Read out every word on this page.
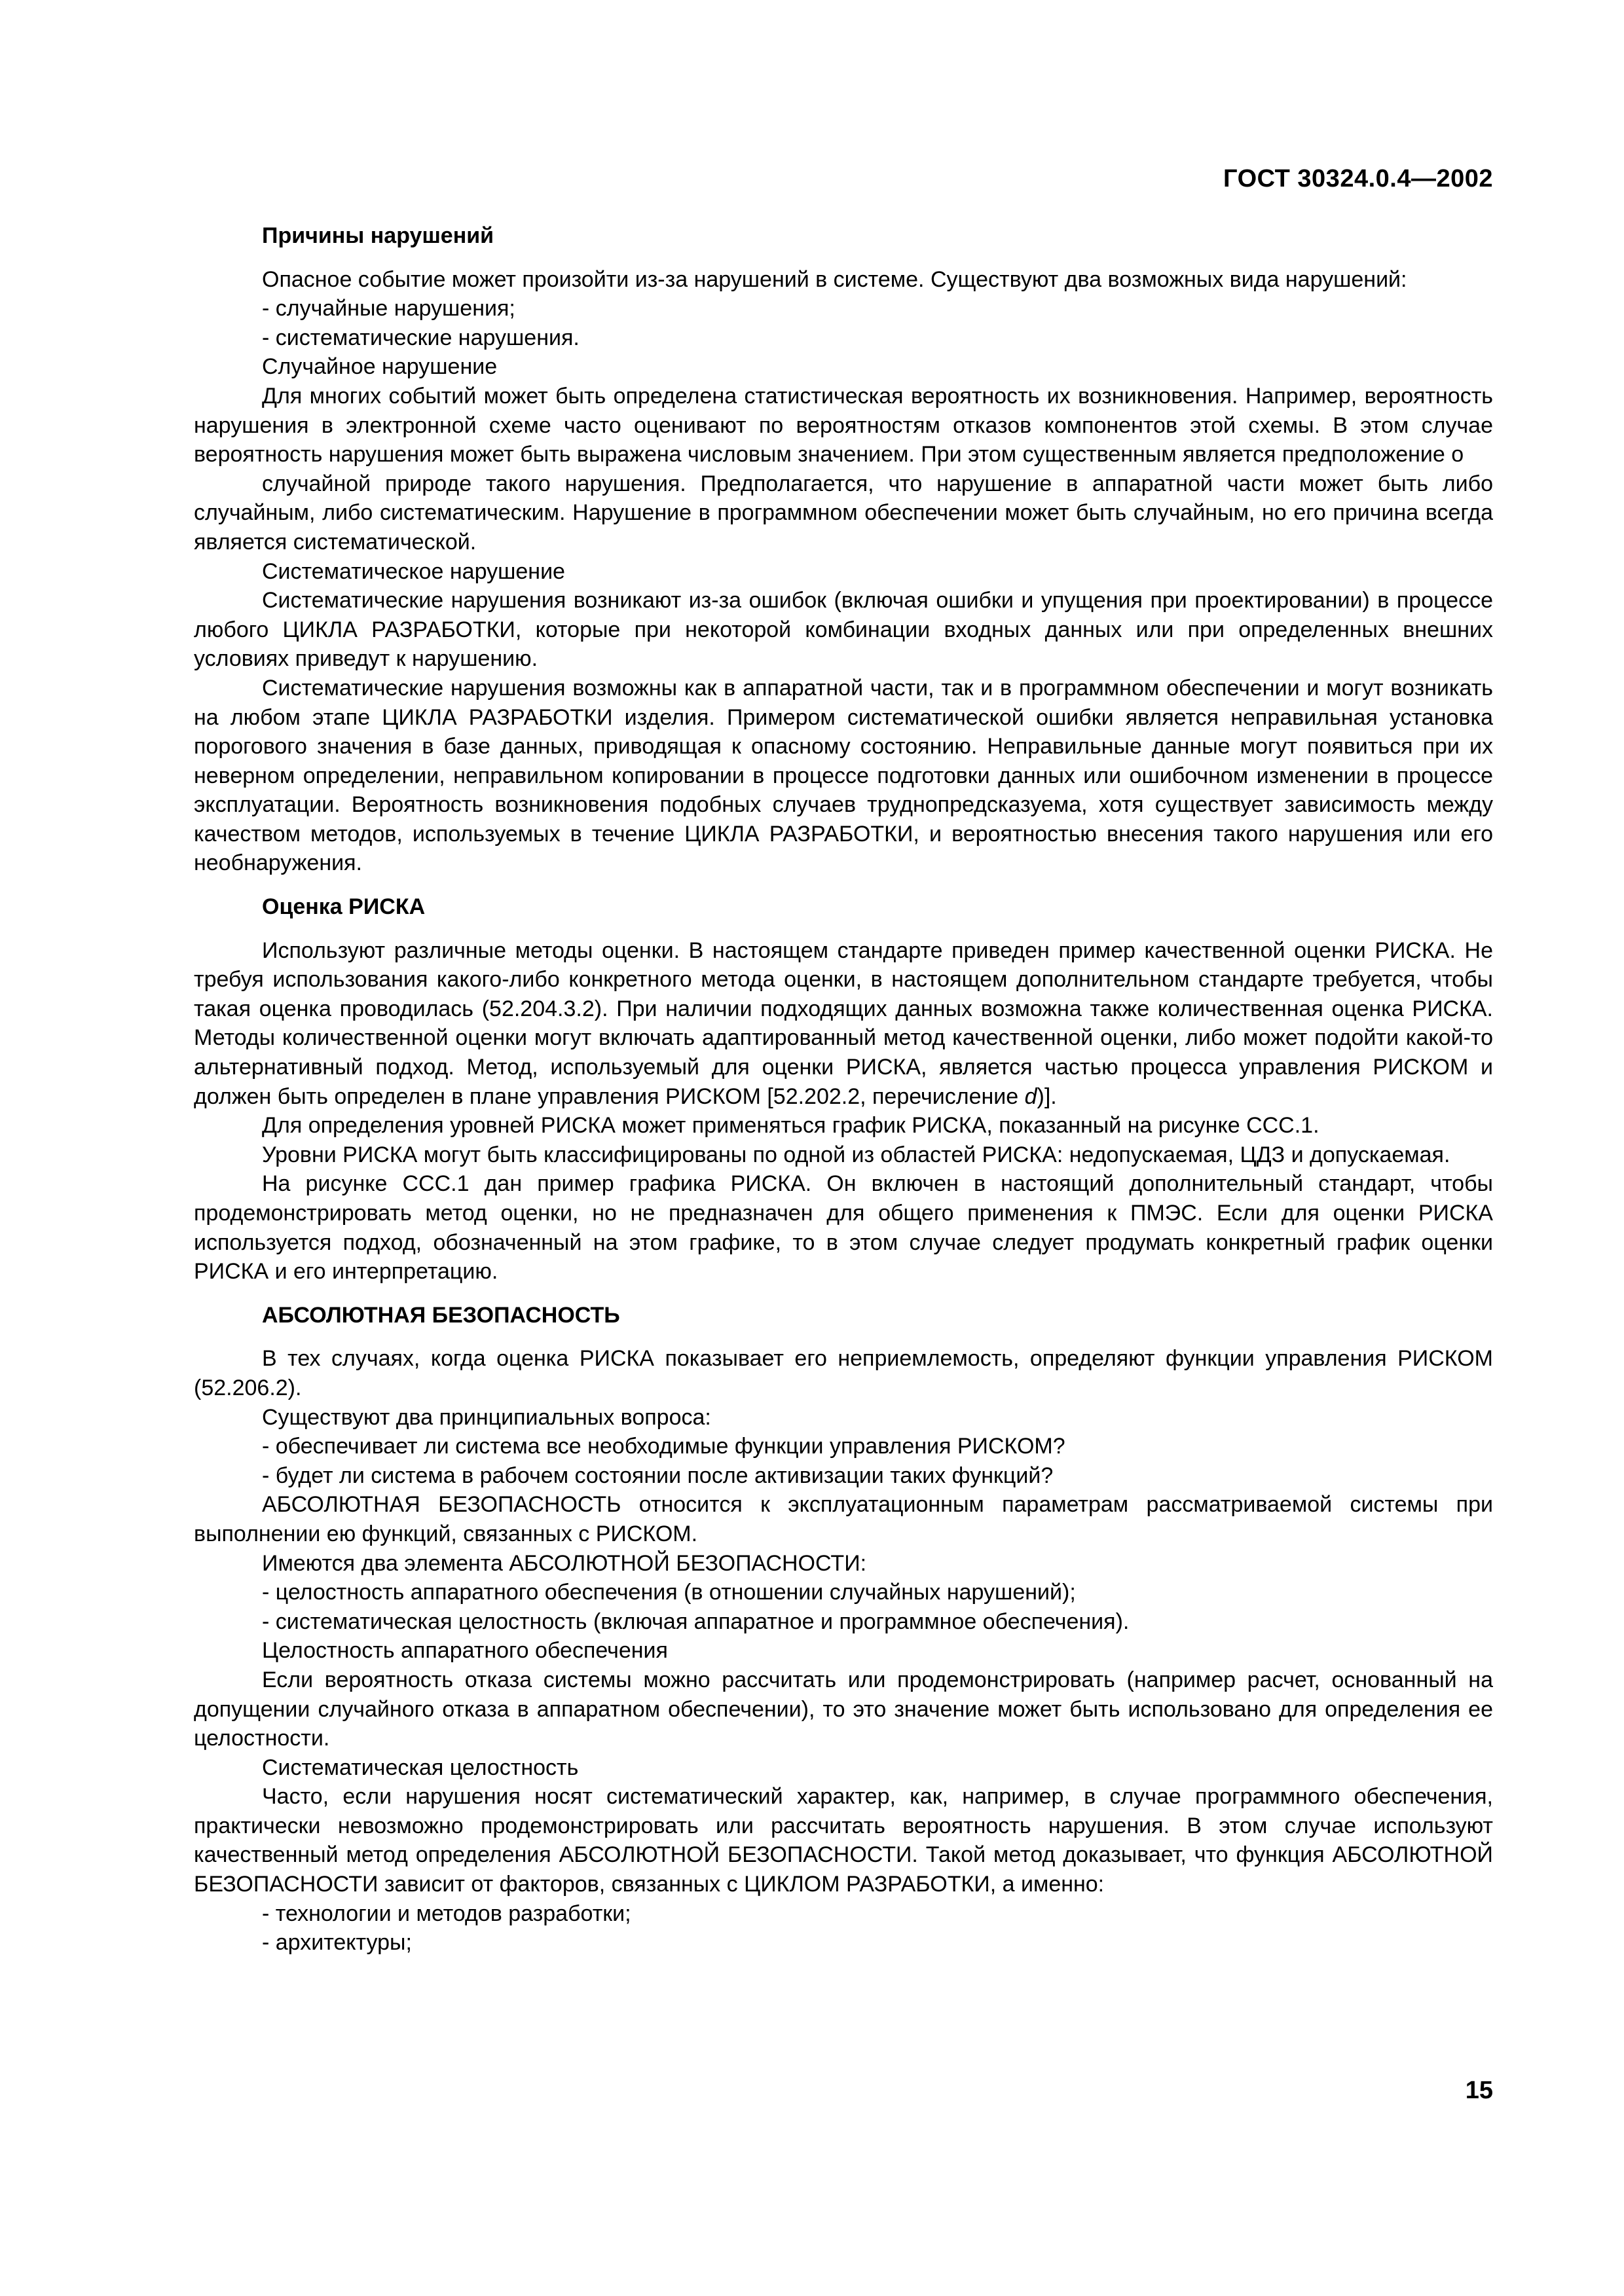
ГОСТ 30324.0.4—2002

Причины нарушений

Опасное событие может произойти из-за нарушений в системе. Существуют два возможных вида нарушений:

- случайные нарушения;

- систематические нарушения.

Случайное нарушение

Для многих событий может быть определена статистическая вероятность их возникновения. Например, вероятность нарушения в электронной схеме часто оценивают по вероятностям отказов компонентов этой схемы. В этом случае вероятность нарушения может быть выражена числовым значением. При этом существенным является предположение о

случайной природе такого нарушения. Предполагается, что нарушение в аппаратной части может быть либо случайным, либо систематическим. Нарушение в программном обеспечении может быть случайным, но его причина всегда является систематической.

Систематическое нарушение

Систематические нарушения возникают из-за ошибок (включая ошибки и упущения при проектировании) в процессе любого ЦИКЛА РАЗРАБОТКИ, которые при некоторой комбинации входных данных или при определенных внешних условиях приведут к нарушению.

Систематические нарушения возможны как в аппаратной части, так и в программном обеспечении и могут возникать на любом этапе ЦИКЛА РАЗРАБОТКИ изделия. Примером систематической ошибки является неправильная установка порогового значения в базе данных, приводящая к опасному состоянию. Неправильные данные могут появиться при их неверном определении, неправильном копировании в процессе подготовки данных или ошибочном изменении в процессе эксплуатации. Вероятность возникновения подобных случаев труднопредсказуема, хотя существует зависимость между качеством методов, используемых в течение ЦИКЛА РАЗРАБОТКИ, и вероятностью внесения такого нарушения или его необнаружения.

Оценка РИСКА

Используют различные методы оценки. В настоящем стандарте приведен пример качественной оценки РИСКА. Не требуя использования какого-либо конкретного метода оценки, в настоящем дополнительном стандарте требуется, чтобы такая оценка проводилась (52.204.3.2). При наличии подходящих данных возможна также количественная оценка РИСКА. Методы количественной оценки могут включать адаптированный метод качественной оценки, либо может подойти какой-то альтернативный подход. Метод, используемый для оценки РИСКА, является частью процесса управления РИСКОМ и должен быть определен в плане управления РИСКОМ [52.202.2, перечисление d)].

Для определения уровней РИСКА может применяться график РИСКА, показанный на рисунке ССС.1.

Уровни РИСКА могут быть классифицированы по одной из областей РИСКА: недопускаемая, ЦДЗ и допускаемая.

На рисунке ССС.1 дан пример графика РИСКА. Он включен в настоящий дополнительный стандарт, чтобы продемонстрировать метод оценки, но не предназначен для общего применения к ПМЭС. Если для оценки РИСКА используется подход, обозначенный на этом графике, то в этом случае следует продумать конкретный график оценки РИСКА и его интерпретацию.

АБСОЛЮТНАЯ БЕЗОПАСНОСТЬ

В тех случаях, когда оценка РИСКА показывает его неприемлемость, определяют функции управления РИСКОМ (52.206.2).

Существуют два принципиальных вопроса:

- обеспечивает ли система все необходимые функции управления РИСКОМ?

- будет ли система в рабочем состоянии после активизации таких функций?

АБСОЛЮТНАЯ БЕЗОПАСНОСТЬ относится к эксплуатационным параметрам рассматриваемой системы при выполнении ею функций, связанных с РИСКОМ.

Имеются два элемента АБСОЛЮТНОЙ БЕЗОПАСНОСТИ:

- целостность аппаратного обеспечения (в отношении случайных нарушений);

- систематическая целостность (включая аппаратное и программное обеспечения).

Целостность аппаратного обеспечения

Если вероятность отказа системы можно рассчитать или продемонстрировать (например расчет, основанный на допущении случайного отказа в аппаратном обеспечении), то это значение может быть использовано для определения ее целостности.

Систематическая целостность

Часто, если нарушения носят систематический характер, как, например, в случае программного обеспечения, практически невозможно продемонстрировать или рассчитать вероятность нарушения. В этом случае используют качественный метод определения АБСОЛЮТНОЙ БЕЗОПАСНОСТИ. Такой метод доказывает, что функция АБСОЛЮТНОЙ БЕЗОПАСНОСТИ зависит от факторов, связанных с ЦИКЛОМ РАЗРАБОТКИ, а именно:

- технологии и методов разработки;

- архитектуры;

15
